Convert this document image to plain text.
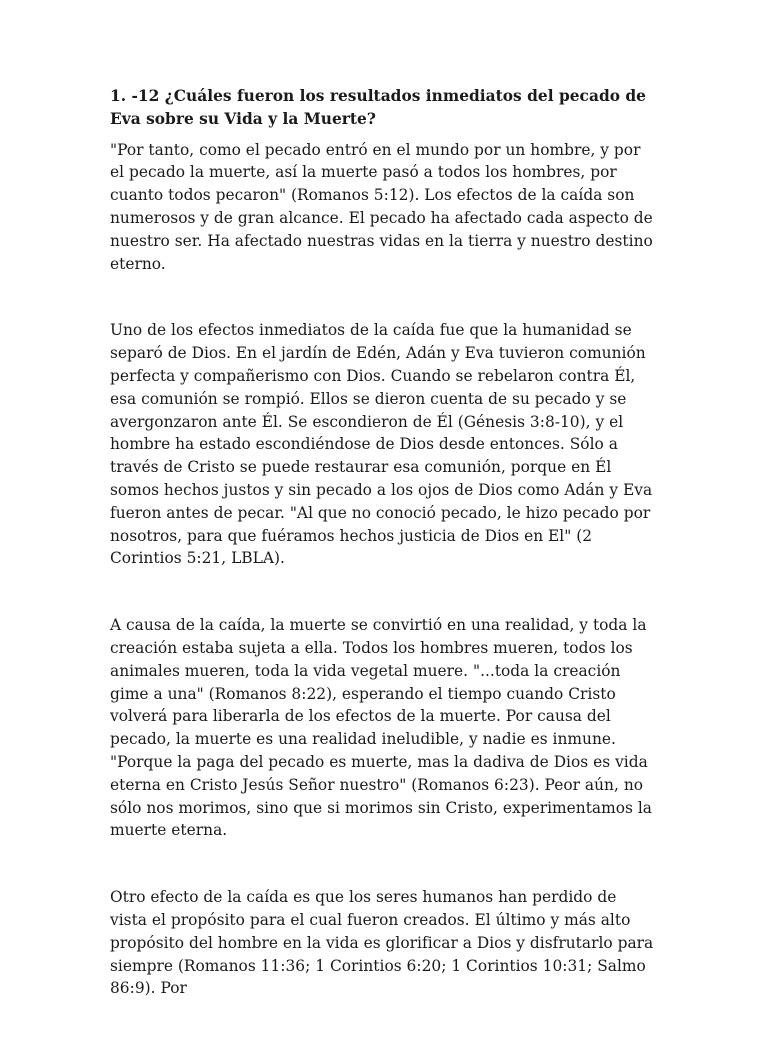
1. -12 ¿Cuáles fueron los resultados inmediatos del pecado de Eva sobre su Vida y la Muerte?

"Por tanto, como el pecado entró en el mundo por un hombre, y por el pecado la muerte, así la muerte pasó a todos los hombres, por cuanto todos pecaron" (Romanos 5:12). Los efectos de la caída son numerosos y de gran alcance. El pecado ha afectado cada aspecto de nuestro ser. Ha afectado nuestras vidas en la tierra y nuestro destino eterno.

Uno de los efectos inmediatos de la caída fue que la humanidad se separó de Dios. En el jardín de Edén, Adán y Eva tuvieron comunión perfecta y compañerismo con Dios. Cuando se rebelaron contra Él, esa comunión se rompió. Ellos se dieron cuenta de su pecado y se avergonzaron ante Él. Se escondieron de Él (Génesis 3:8-10), y el hombre ha estado escondiéndose de Dios desde entonces. Sólo a través de Cristo se puede restaurar esa comunión, porque en Él somos hechos justos y sin pecado a los ojos de Dios como Adán y Eva fueron antes de pecar. "Al que no conoció pecado, le hizo pecado por nosotros, para que fuéramos hechos justicia de Dios en El" (2 Corintios 5:21, LBLA).

A causa de la caída, la muerte se convirtió en una realidad, y toda la creación estaba sujeta a ella. Todos los hombres mueren, todos los animales mueren, toda la vida vegetal muere. "...toda la creación gime a una" (Romanos 8:22), esperando el tiempo cuando Cristo volverá para liberarla de los efectos de la muerte. Por causa del pecado, la muerte es una realidad ineludible, y nadie es inmune. "Porque la paga del pecado es muerte, mas la dadiva de Dios es vida eterna en Cristo Jesús Señor nuestro" (Romanos 6:23). Peor aún, no sólo nos morimos, sino que si morimos sin Cristo, experimentamos la muerte eterna.

Otro efecto de la caída es que los seres humanos han perdido de vista el propósito para el cual fueron creados. El último y más alto propósito del hombre en la vida es glorificar a Dios y disfrutarlo para siempre (Romanos 11:36; 1 Corintios 6:20; 1 Corintios 10:31; Salmo 86:9). Por
